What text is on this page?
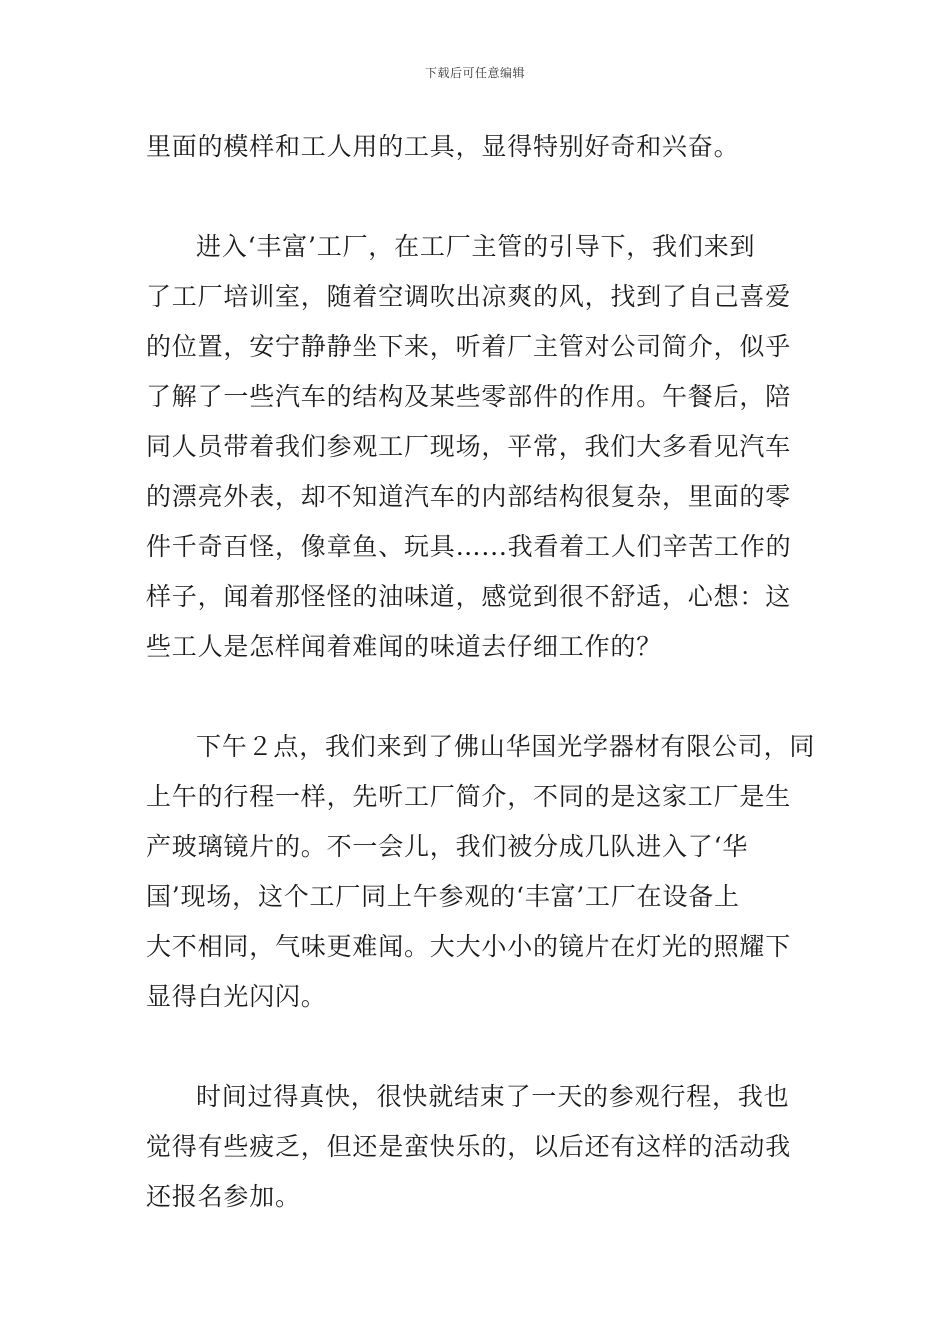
下载后可任意编辑
里面的模样和工人用的工具，显得特别好奇和兴奋。
进入‘丰富’工厂，在工厂主管的引导下，我们来到
了工厂培训室，随着空调吹出凉爽的风，找到了自己喜爱
的位置，安宁静静坐下来，听着厂主管对公司简介，似乎
了解了一些汽车的结构及某些零部件的作用。午餐后，陪
同人员带着我们参观工厂现场，平常，我们大多看见汽车
的漂亮外表，却不知道汽车的内部结构很复杂，里面的零
件千奇百怪，像章鱼、玩具…...我看着工人们辛苦工作的
样子，闻着那怪怪的油味道，感觉到很不舒适，心想：这
些工人是怎样闻着难闻的味道去仔细工作的？
下午２点，我们来到了佛山华国光学器材有限公司，同
上午的行程一样，先听工厂简介，不同的是这家工厂是生
产玻璃镜片的。不一会儿，我们被分成几队进入了‘华
国’现场，这个工厂同上午参观的‘丰富’工厂在设备上
大不相同，气味更难闻。大大小小的镜片在灯光的照耀下
显得白光闪闪。
时间过得真快，很快就结束了一天的参观行程，我也
觉得有些疲乏，但还是蛮快乐的，以后还有这样的活动我
还报名参加。
